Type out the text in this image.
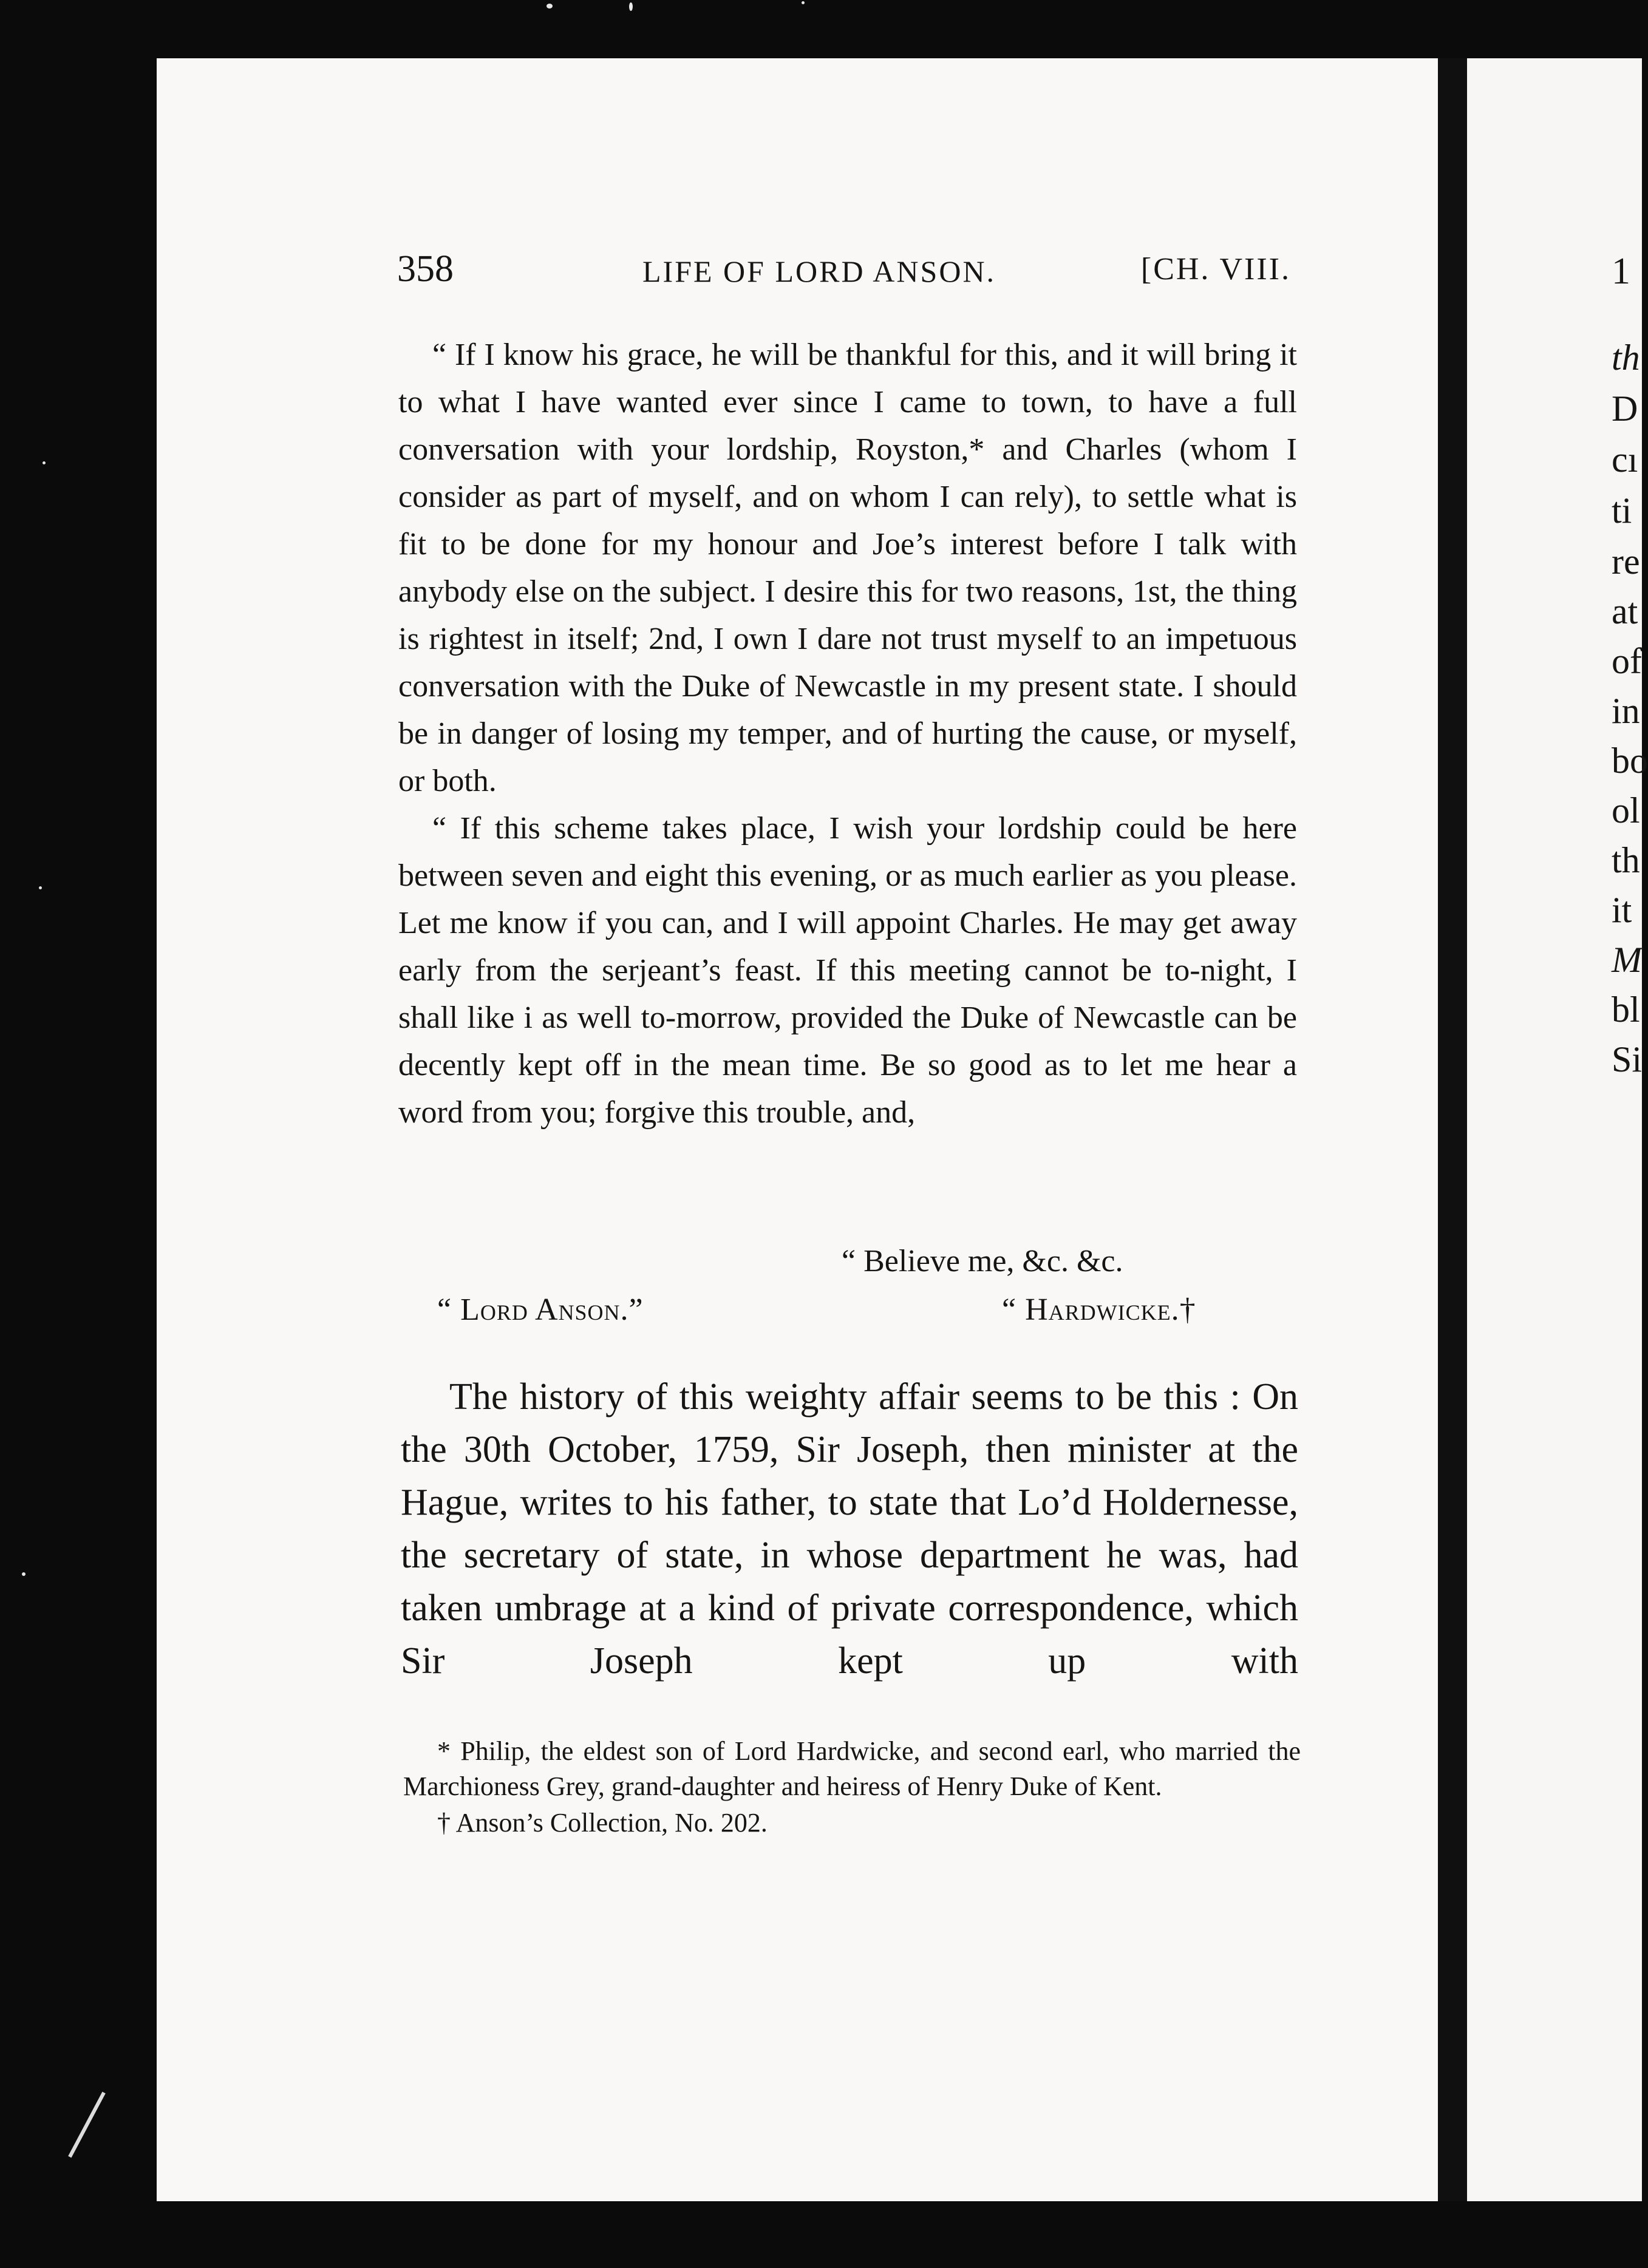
358	LIFE OF LORD ANSON.	[CH. VIII.

“ If I know his grace, he will be thankful for this, and it will bring it to what I have wanted ever since I came to town, to have a full conversation with your lordship, Royston,* and Charles (whom I consider as part of myself, and on whom I can rely), to settle what is fit to be done for my honour and Joe’s interest before I talk with anybody else on the subject. I desire this for two reasons, 1st, the thing is rightest in itself; 2nd, I own I dare not trust myself to an impetuous conversation with the Duke of Newcastle in my present state. I should be in danger of losing my temper, and of hurting the cause, or myself, or both.

“ If this scheme takes place, I wish your lordship could be here between seven and eight this evening, or as much earlier as you please. Let me know if you can, and I will appoint Charles. He may get away early from the serjeant’s feast. If this meeting cannot be to-night, I shall like i as well to-morrow, provided the Duke of Newcastle can be decently kept off in the mean time. Be so good as to let me hear a word from you; forgive this trouble, and,

“ Believe me, &c. &c.
“ Lord Anson.”	“ Hardwicke.†

The history of this weighty affair seems to be this : On the 30th October, 1759, Sir Joseph, then minister at the Hague, writes to his father, to state that Lo’d Holdernesse, the secretary of state, in whose department he was, had taken umbrage at a kind of private correspondence, which Sir Joseph kept up with

* Philip, the eldest son of Lord Hardwicke, and second earl, who married the Marchioness Grey, grand-daughter and heiress of Henry Duke of Kent.

† Anson’s Collection, No. 202.

1
th
D
cı
ti
re
at
of
in
bo
ol
th
it
M
bl
Si
